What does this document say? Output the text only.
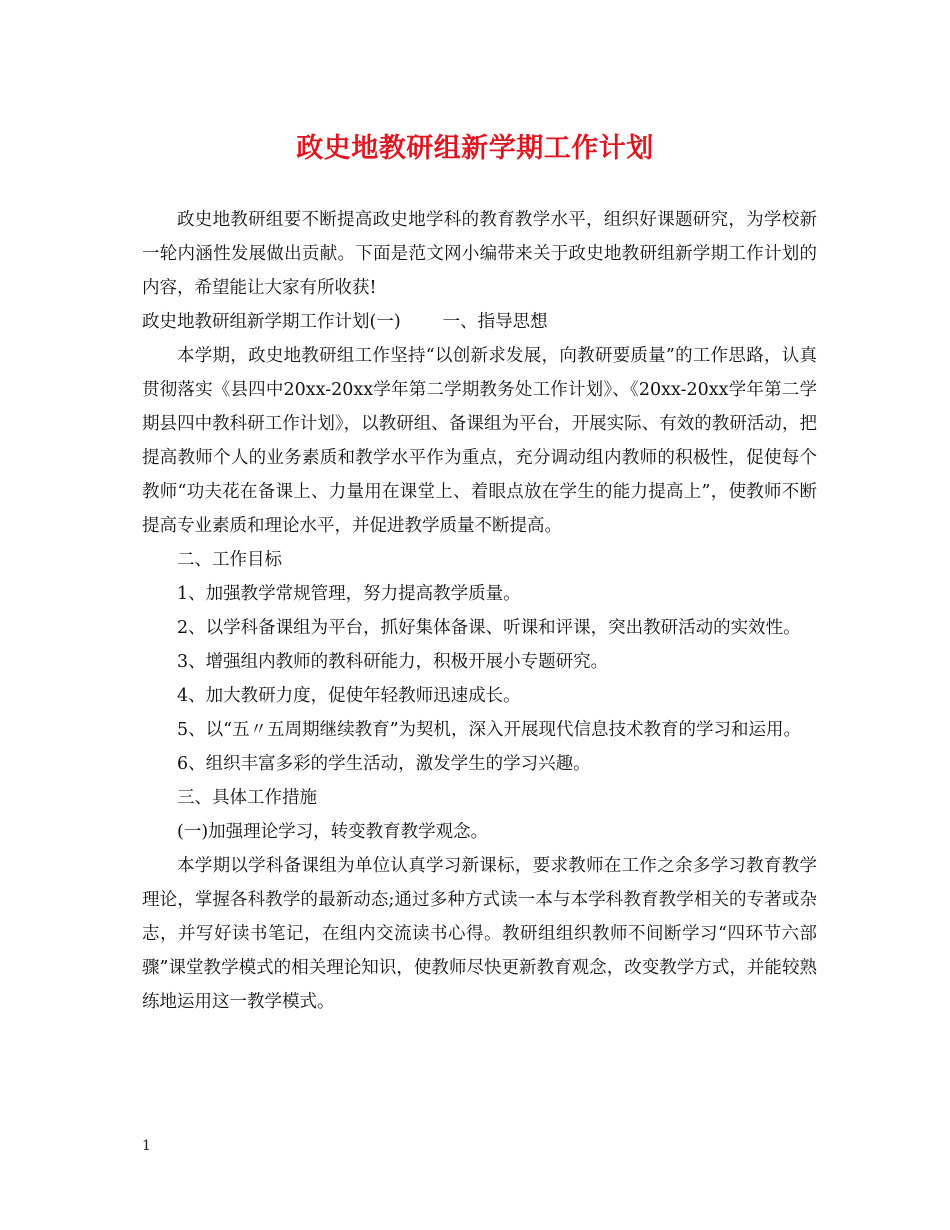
政史地教研组新学期工作计划

政史地教研组要不断提高政史地学科的教育教学水平，组织好课题研究，为学校新一轮内涵性发展做出贡献。下面是范文网小编带来关于政史地教研组新学期工作计划的内容，希望能让大家有所收获!

政史地教研组新学期工作计划(一) 一、指导思想

本学期，政史地教研组工作坚持“以创新求发展，向教研要质量”的工作思路，认真贯彻落实《县四中20xx-20xx学年第二学期教务处工作计划》、《20xx-20xx学年第二学期县四中教科研工作计划》，以教研组、备课组为平台，开展实际、有效的教研活动，把提高教师个人的业务素质和教学水平作为重点，充分调动组内教师的积极性，促使每个教师“功夫花在备课上、力量用在课堂上、着眼点放在学生的能力提高上”，使教师不断提高专业素质和理论水平，并促进教学质量不断提高。

二、工作目标

1、加强教学常规管理，努力提高教学质量。

2、以学科备课组为平台，抓好集体备课、听课和评课，突出教研活动的实效性。

3、增强组内教师的教科研能力，积极开展小专题研究。

4、加大教研力度，促使年轻教师迅速成长。

5、以“五〃五周期继续教育”为契机，深入开展现代信息技术教育的学习和运用。

6、组织丰富多彩的学生活动，激发学生的学习兴趣。

三、具体工作措施

(一)加强理论学习，转变教育教学观念。

本学期以学科备课组为单位认真学习新课标，要求教师在工作之余多学习教育教学理论，掌握各科教学的最新动态;通过多种方式读一本与本学科教育教学相关的专著或杂志，并写好读书笔记，在组内交流读书心得。教研组组织教师不间断学习“四环节六部骤”课堂教学模式的相关理论知识，使教师尽快更新教育观念，改变教学方式，并能较熟练地运用这一教学模式。

1
